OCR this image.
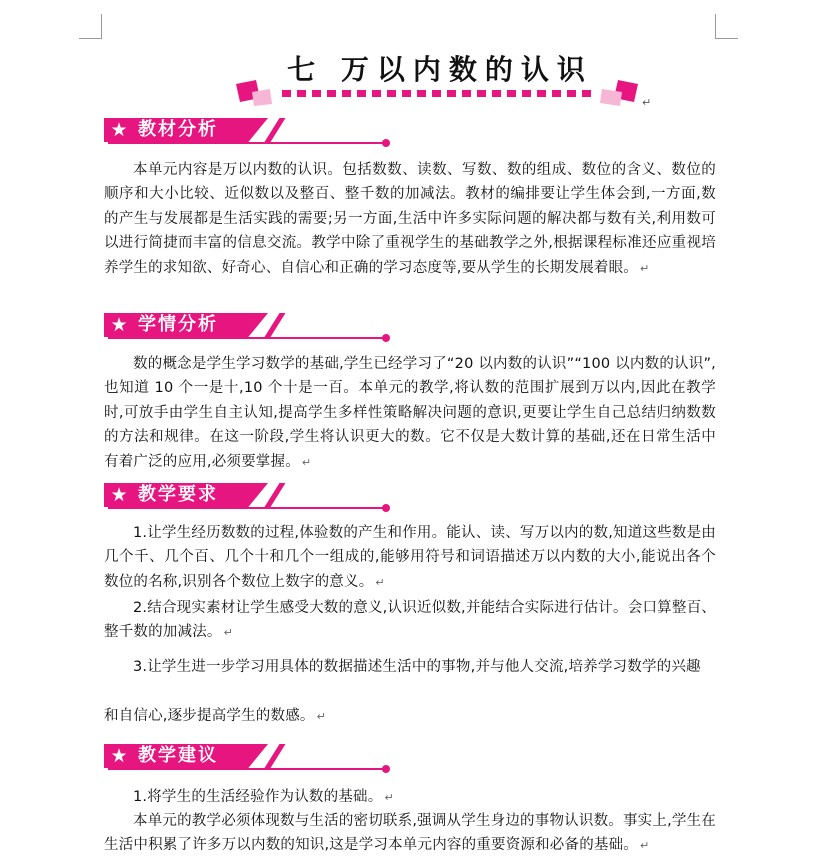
七 万以内数的认识
↵
★ 教材分析

本单元内容是万以内数的认识。包括数数、读数、写数、数的组成、数位的含义、数位的顺序和大小比较、近似数以及整百、整千数的加减法。教材的编排要让学生体会到,一方面,数的产生与发展都是生活实践的需要;另一方面,生活中许多实际问题的解决都与数有关,利用数可以进行简捷而丰富的信息交流。教学中除了重视学生的基础教学之外,根据课程标准还应重视培养学生的求知欲、好奇心、自信心和正确的学习态度等,要从学生的长期发展着眼。 ↵

★ 学情分析

数的概念是学生学习数学的基础,学生已经学习了“20 以内数的认识”“100 以内数的认识”,也知道 10 个一是十,10 个十是一百。本单元的教学,将认数的范围扩展到万以内,因此在教学时,可放手由学生自主认知,提高学生多样性策略解决问题的意识,更要让学生自己总结归纳数数的方法和规律。在这一阶段,学生将认识更大的数。它不仅是大数计算的基础,还在日常生活中有着广泛的应用,必须要掌握。 ↵

★ 教学要求

1.让学生经历数数的过程,体验数的产生和作用。能认、读、写万以内的数,知道这些数是由几个千、几个百、几个十和几个一组成的,能够用符号和词语描述万以内数的大小,能说出各个数位的名称,识别各个数位上数字的意义。 ↵

2.结合现实素材让学生感受大数的意义,认识近似数,并能结合实际进行估计。会口算整百、整千数的加减法。 ↵

3.让学生进一步学习用具体的数据描述生活中的事物,并与他人交流,培养学习数学的兴趣

和自信心,逐步提高学生的数感。 ↵

★ 教学建议

1.将学生的生活经验作为认数的基础。 ↵

本单元的教学必须体现数与生活的密切联系,强调从学生身边的事物认识数。事实上,学生在生活中积累了许多万以内数的知识,这是学习本单元内容的重要资源和必备的基础。 ↵
